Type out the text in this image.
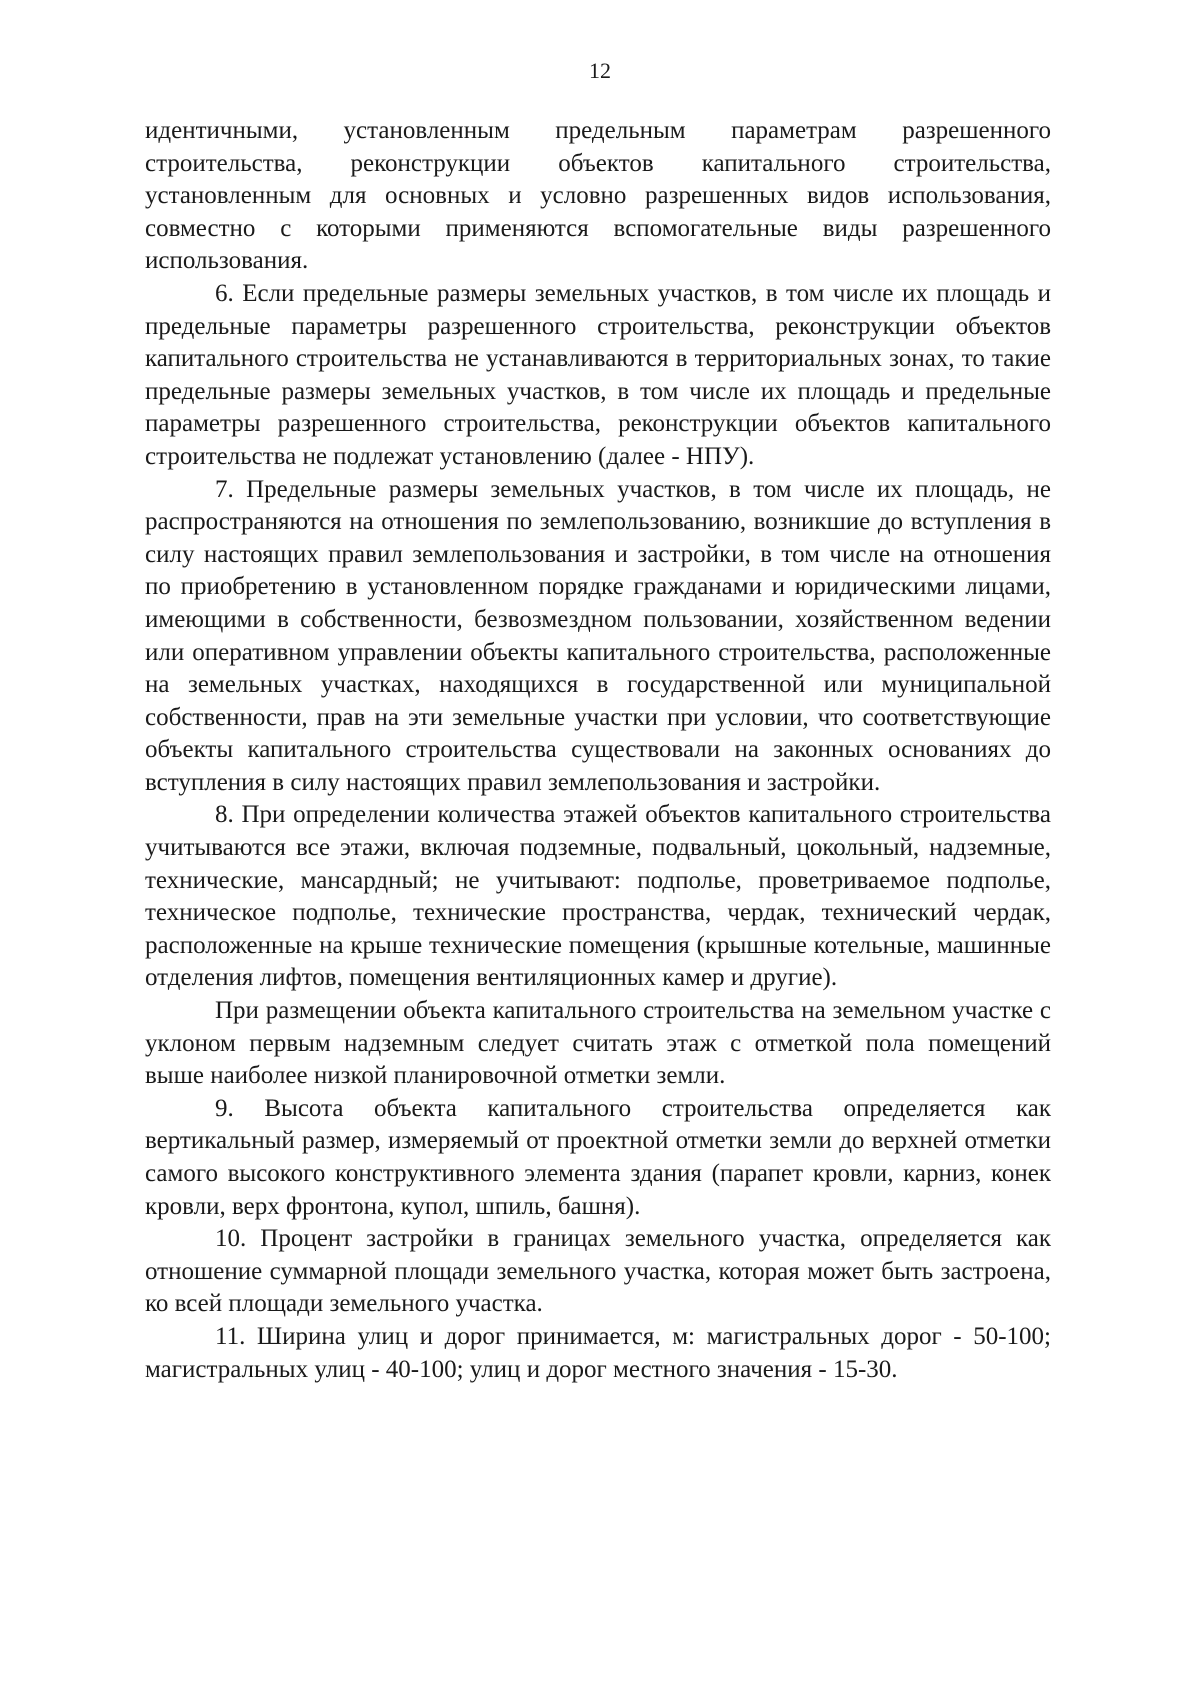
12

идентичными, установленным предельным параметрам разрешенного строительства, реконструкции объектов капитального строительства, установленным для основных и условно разрешенных видов использования, совместно с которыми применяются вспомогательные виды разрешенного использования.

6. Если предельные размеры земельных участков, в том числе их площадь и предельные параметры разрешенного строительства, реконструкции объектов капитального строительства не устанавливаются в территориальных зонах, то такие предельные размеры земельных участков, в том числе их площадь и предельные параметры разрешенного строительства, реконструкции объектов капитального строительства не подлежат установлению (далее - НПУ).

7. Предельные размеры земельных участков, в том числе их площадь, не распространяются на отношения по землепользованию, возникшие до вступления в силу настоящих правил землепользования и застройки, в том числе на отношения по приобретению в установленном порядке гражданами и юридическими лицами, имеющими в собственности, безвозмездном пользовании, хозяйственном ведении или оперативном управлении объекты капитального строительства, расположенные на земельных участках, находящихся в государственной или муниципальной собственности, прав на эти земельные участки при условии, что соответствующие объекты капитального строительства существовали на законных основаниях до вступления в силу настоящих правил землепользования и застройки.

8. При определении количества этажей объектов капитального строительства учитываются все этажи, включая подземные, подвальный, цокольный, надземные, технические, мансардный; не учитывают: подполье, проветриваемое подполье, техническое подполье, технические пространства, чердак, технический чердак, расположенные на крыше технические помещения (крышные котельные, машинные отделения лифтов, помещения вентиляционных камер и другие).

При размещении объекта капитального строительства на земельном участке с уклоном первым надземным следует считать этаж с отметкой пола помещений выше наиболее низкой планировочной отметки земли.

9. Высота объекта капитального строительства определяется как вертикальный размер, измеряемый от проектной отметки земли до верхней отметки самого высокого конструктивного элемента здания (парапет кровли, карниз, конек кровли, верх фронтона, купол, шпиль, башня).

10. Процент застройки в границах земельного участка, определяется как отношение суммарной площади земельного участка, которая может быть застроена, ко всей площади земельного участка.

11. Ширина улиц и дорог принимается, м: магистральных дорог - 50-100; магистральных улиц - 40-100; улиц и дорог местного значения - 15-30.
